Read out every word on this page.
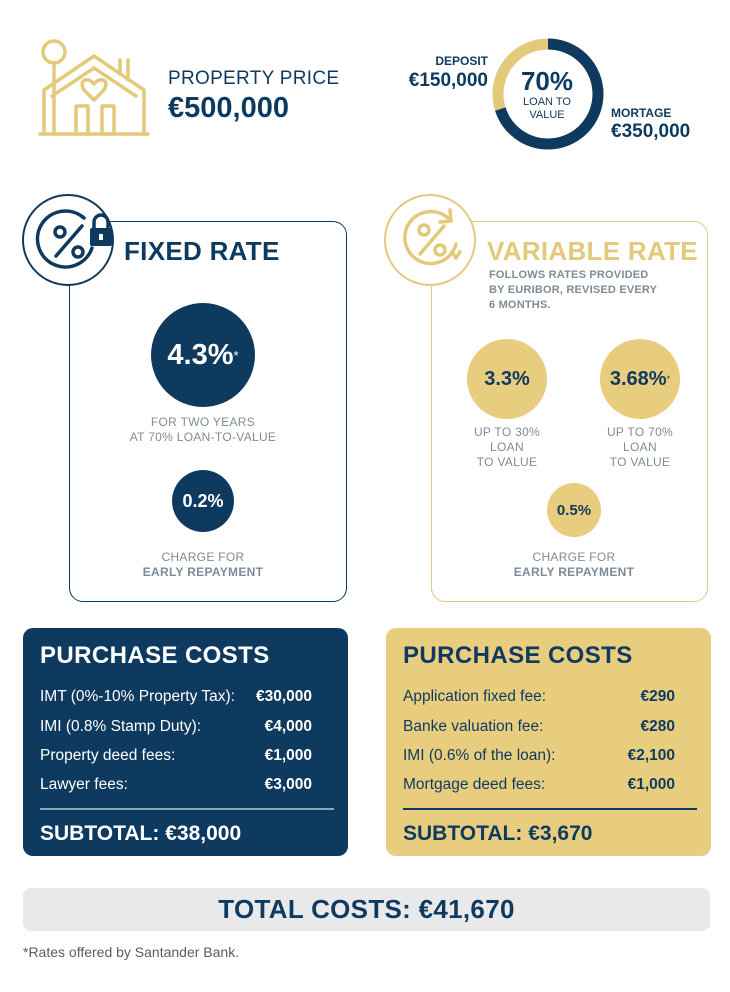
PROPERTY PRICE
€500,000
DEPOSIT
€150,000	70%
LOAN TO
VALUE	MORTAGE
€350,000
FIXED RATE
4.3% *
FOR TWO YEARS
AT 70% LOAN-TO-VALUE
0.2%
CHARGE FOR
EARLY REPAYMENT
VARIABLE RATE
FOLLOWS RATES PROVIDED
BY EURIBOR, REVISED EVERY
6 MONTHS.
3.3%
UP TO 30%
LOAN
TO VALUE
3.68% *
UP TO 70%
LOAN
TO VALUE
0.5%
CHARGE FOR
EARLY REPAYMENT
PURCHASE COSTS
IMT (0%-10% Property Tax): €30,000
IMI (0.8% Stamp Duty):	€4,000
Property deed fees:	€1,000
Lawyer fees:	€3,000
SUBTOTAL: €38,000
PURCHASE COSTS
Application fixed fee:	€290
Banke valuation fee:	€280
IMI (0.6% of the loan):	€2,100
Mortgage deed fees:	€1,000
SUBTOTAL: €3,670
TOTAL COSTS: €41,670
*Rates offered by Santander Bank.
